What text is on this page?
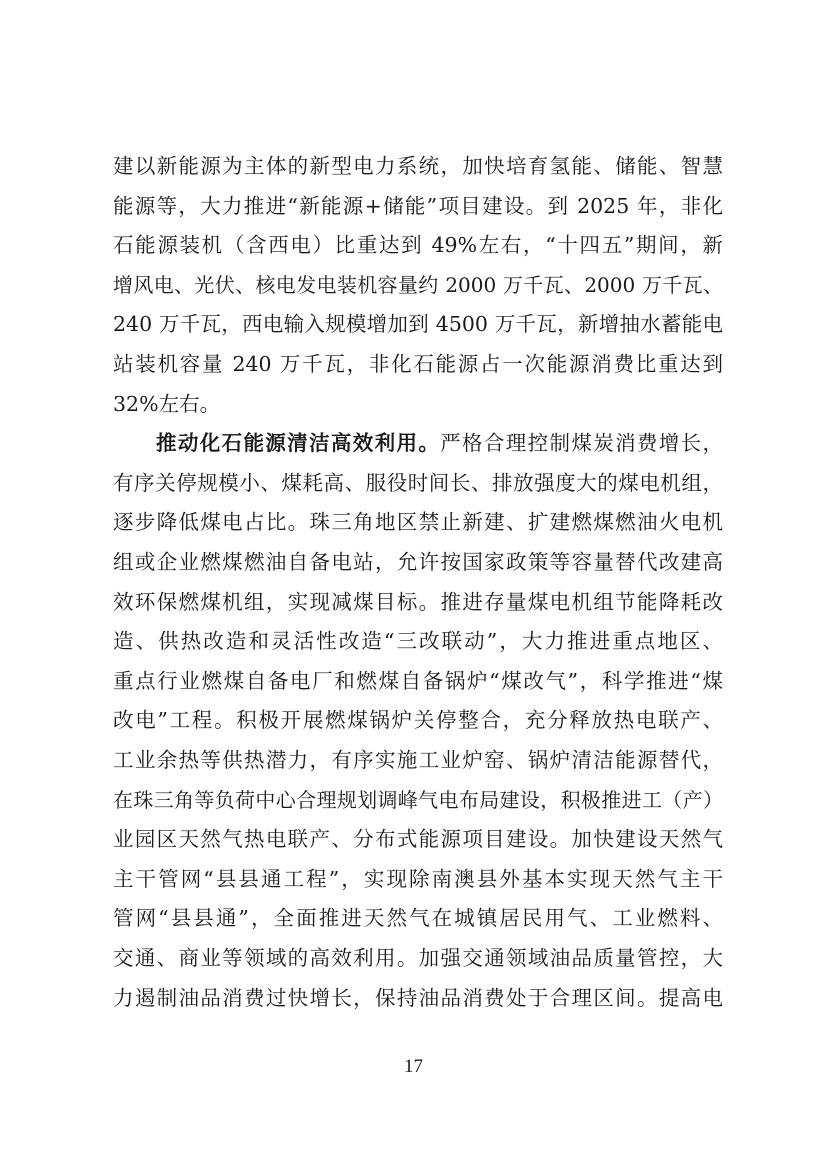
建以新能源为主体的新型电力系统，加快培育氢能、储能、智慧
能源等，大力推进“新能源+储能”项目建设。到 2025 年，非化
石能源装机（含西电）比重达到 49%左右，“十四五”期间，新
增风电、光伏、核电发电装机容量约 2000 万千瓦、2000 万千瓦、
240 万千瓦，西电输入规模增加到 4500 万千瓦，新增抽水蓄能电
站装机容量 240 万千瓦，非化石能源占一次能源消费比重达到
32%左右。
推动化石能源清洁高效利用。严格合理控制煤炭消费增长，
有序关停规模小、煤耗高、服役时间长、排放强度大的煤电机组，
逐步降低煤电占比。珠三角地区禁止新建、扩建燃煤燃油火电机
组或企业燃煤燃油自备电站，允许按国家政策等容量替代改建高
效环保燃煤机组，实现减煤目标。推进存量煤电机组节能降耗改
造、供热改造和灵活性改造“三改联动”，大力推进重点地区、
重点行业燃煤自备电厂和燃煤自备锅炉“煤改气”，科学推进“煤
改电”工程。积极开展燃煤锅炉关停整合，充分释放热电联产、
工业余热等供热潜力，有序实施工业炉窑、锅炉清洁能源替代，
在珠三角等负荷中心合理规划调峰气电布局建设，积极推进工（产）
业园区天然气热电联产、分布式能源项目建设。加快建设天然气
主干管网“县县通工程”，实现除南澳县外基本实现天然气主干
管网“县县通”，全面推进天然气在城镇居民用气、工业燃料、
交通、商业等领域的高效利用。加强交通领域油品质量管控，大
力遏制油品消费过快增长，保持油品消费处于合理区间。提高电
17
